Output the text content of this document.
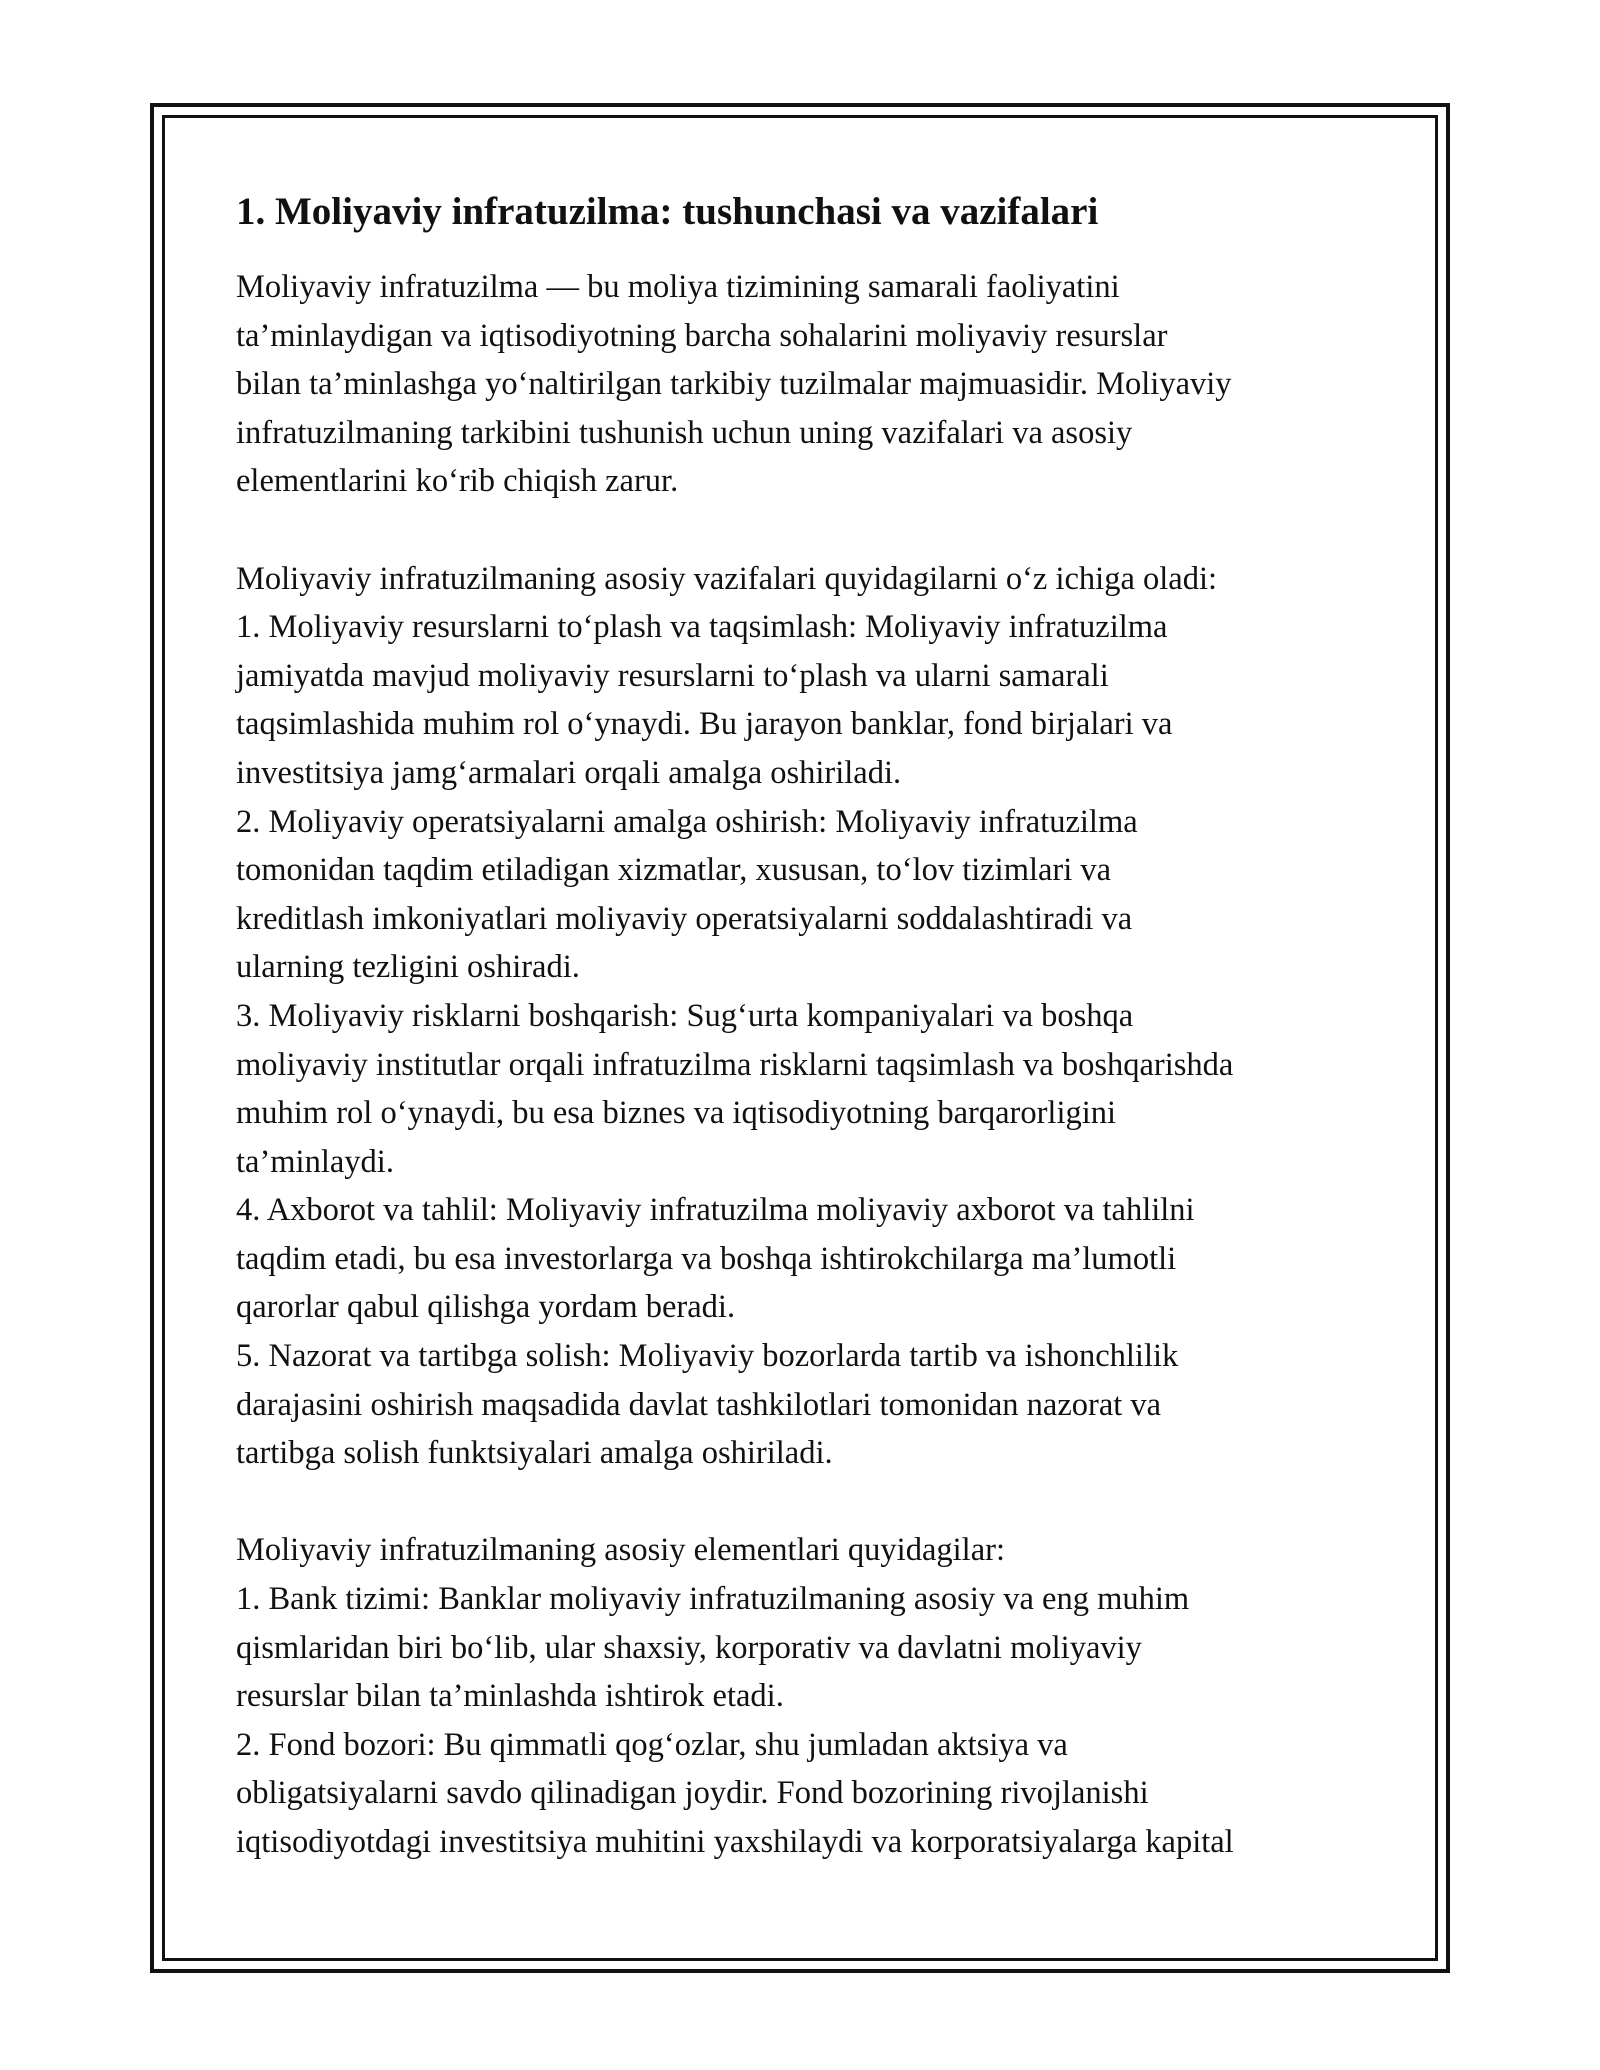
1. Moliyaviy infratuzilma: tushunchasi va vazifalari
Moliyaviy infratuzilma — bu moliya tizimining samarali faoliyatini
ta’minlaydigan va iqtisodiyotning barcha sohalarini moliyaviy resurslar
bilan ta’minlashga yo‘naltirilgan tarkibiy tuzilmalar majmuasidir. Moliyaviy
infratuzilmaning tarkibini tushunish uchun uning vazifalari va asosiy
elementlarini ko‘rib chiqish zarur.
Moliyaviy infratuzilmaning asosiy vazifalari quyidagilarni o‘z ichiga oladi:
1. Moliyaviy resurslarni to‘plash va taqsimlash: Moliyaviy infratuzilma
jamiyatda mavjud moliyaviy resurslarni to‘plash va ularni samarali
taqsimlashida muhim rol o‘ynaydi. Bu jarayon banklar, fond birjalari va
investitsiya jamg‘armalari orqali amalga oshiriladi.
2. Moliyaviy operatsiyalarni amalga oshirish: Moliyaviy infratuzilma
tomonidan taqdim etiladigan xizmatlar, xususan, to‘lov tizimlari va
kreditlash imkoniyatlari moliyaviy operatsiyalarni soddalashtiradi va
ularning tezligini oshiradi.
3. Moliyaviy risklarni boshqarish: Sug‘urta kompaniyalari va boshqa
moliyaviy institutlar orqali infratuzilma risklarni taqsimlash va boshqarishda
muhim rol o‘ynaydi, bu esa biznes va iqtisodiyotning barqarorligini
ta’minlaydi.
4. Axborot va tahlil: Moliyaviy infratuzilma moliyaviy axborot va tahlilni
taqdim etadi, bu esa investorlarga va boshqa ishtirokchilarga ma’lumotli
qarorlar qabul qilishga yordam beradi.
5. Nazorat va tartibga solish: Moliyaviy bozorlarda tartib va ishonchlilik
darajasini oshirish maqsadida davlat tashkilotlari tomonidan nazorat va
tartibga solish funktsiyalari amalga oshiriladi.
Moliyaviy infratuzilmaning asosiy elementlari quyidagilar:
1. Bank tizimi: Banklar moliyaviy infratuzilmaning asosiy va eng muhim
qismlaridan biri bo‘lib, ular shaxsiy, korporativ va davlatni moliyaviy
resurslar bilan ta’minlashda ishtirok etadi.
2. Fond bozori: Bu qimmatli qog‘ozlar, shu jumladan aktsiya va
obligatsiyalarni savdo qilinadigan joydir. Fond bozorining rivojlanishi
iqtisodiyotdagi investitsiya muhitini yaxshilaydi va korporatsiyalarga kapital
